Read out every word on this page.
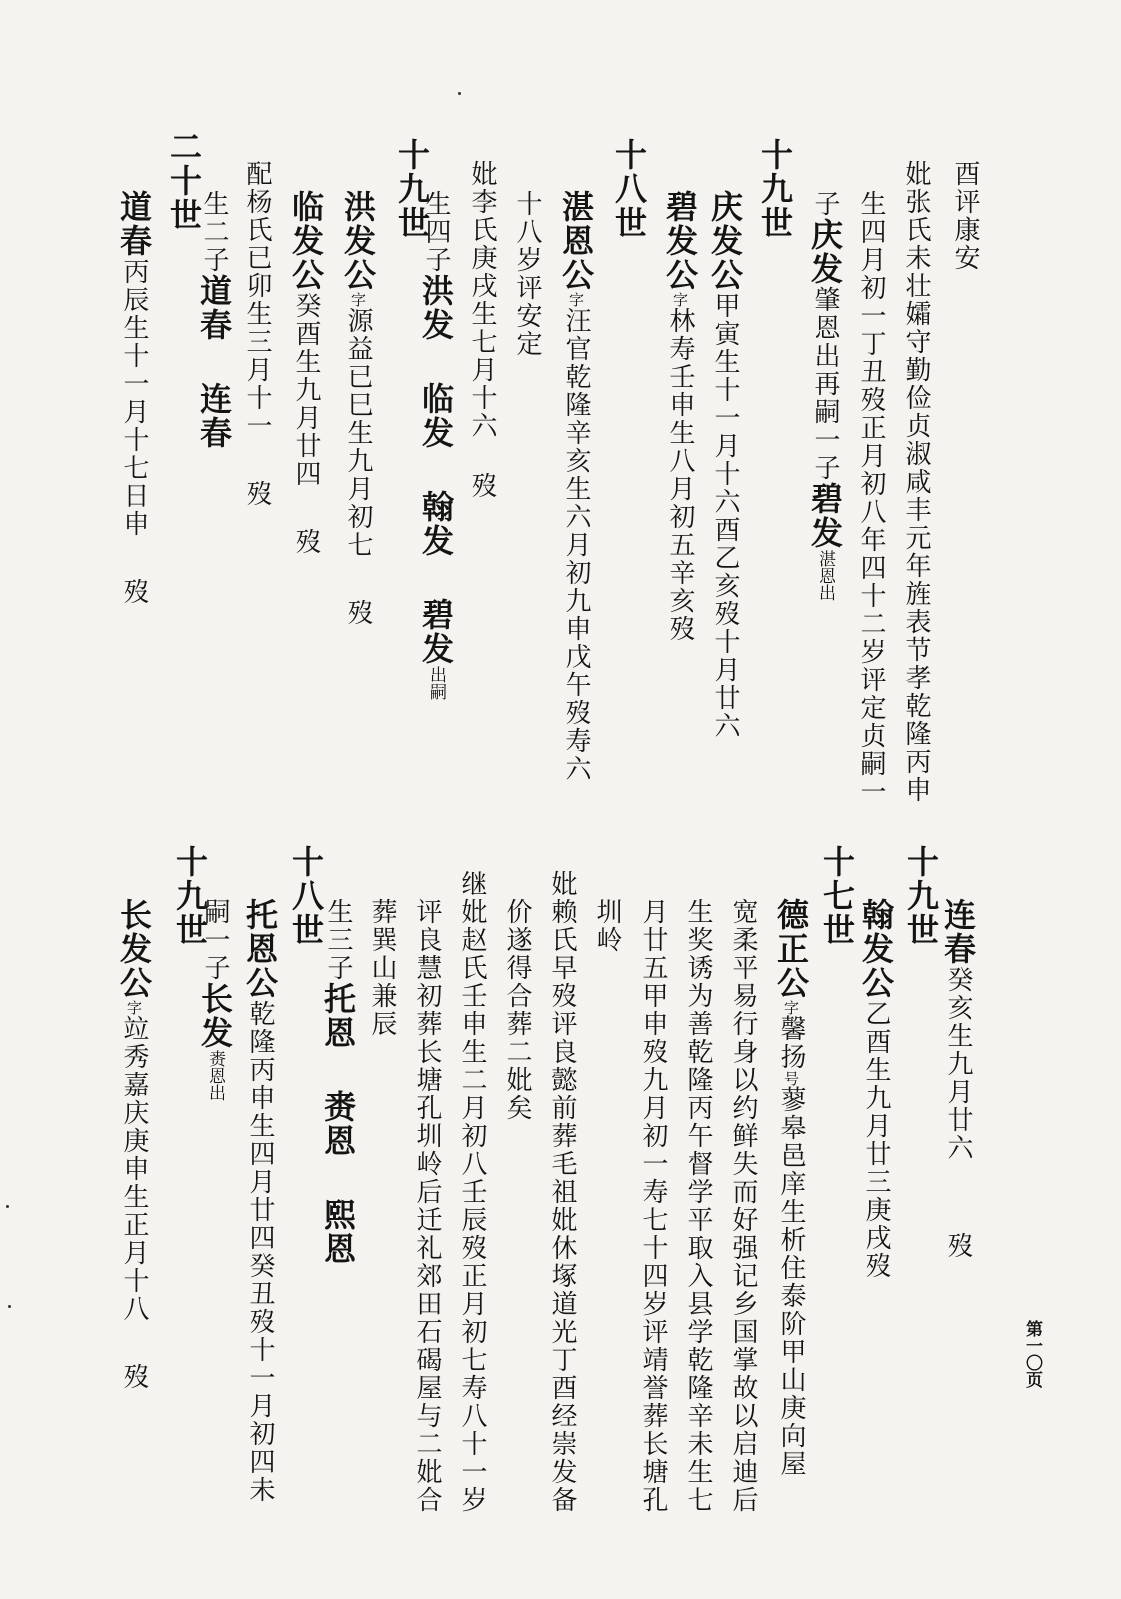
酉评康安
妣张氏未壮孀守勤俭贞淑咸丰元年旌表节孝乾隆丙申
生四月初一丁丑歿正月初八年四十二岁评定贞嗣一
子庆发肇恩出再嗣一子碧发湛恩出
十九世
庆发公甲寅生十一月十六酉乙亥歿十月廿六
碧发公字林寿壬申生八月初五辛亥歿
十八世
湛恩公字汪官乾隆辛亥生六月初九申戊午歿寿六
十八岁评安定
妣李氏庚戌生七月十六 歿
生四子洪发临发翰发碧发出嗣
十九世
洪发公字源益已巳生九月初七歿
临发公癸酉生九月廿四歿
配杨氏已卯生三月十一歿
生二子道春连春
二十世
道春丙辰生十一月十七日申歿
连春癸亥生九月廿六歿
十九世
翰发公乙酉生九月廿三庚戌歿
十七世
德正公字馨扬号蓼皋邑庠生析住泰阶甲山庚向屋
宽柔平易行身以约鲜失而好强记乡国掌故以启迪后
生奖诱为善乾隆丙午督学平取入县学乾隆辛未生七
月廿五甲申歿九月初一寿七十四岁评靖誉葬长塘孔
圳岭
妣赖氏早歿评良懿前葬毛祖妣休塚道光丁酉经崇发备
价遂得合葬二妣矣
继妣赵氏壬申生二月初八壬辰歿正月初七寿八十一岁
评良慧初葬长塘孔圳岭后迁礼郊田石碣屋与二妣合
葬巽山兼辰
生三子托恩赉恩熙恩
十八世
托恩公乾隆丙申生四月廿四癸丑歿十一月初四未
嗣一子长发赉恩出
十九世
长发公字竝秀嘉庆庚申生正月十八歿	第一〇页
